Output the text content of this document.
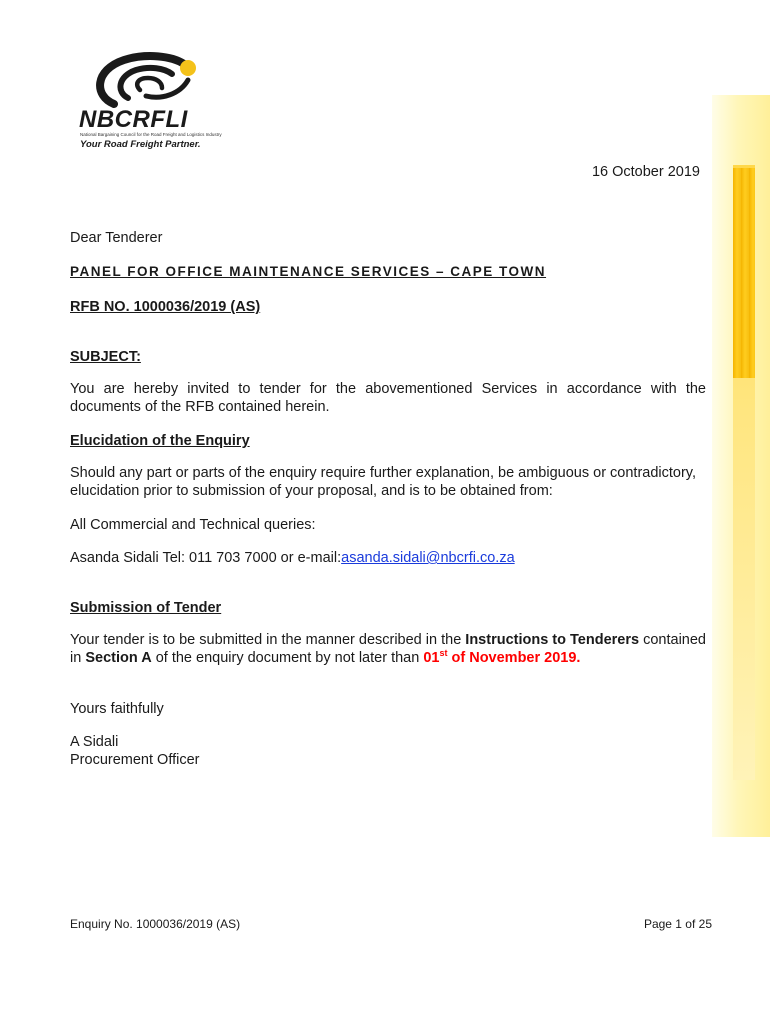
NBCRFLI
National Bargaining Council for the Road Freight and Logistics Industry
Your Road Freight Partner.
16 October 2019
Dear Tenderer
PANEL FOR OFFICE MAINTENANCE SERVICES – CAPE TOWN
RFB NO. 1000036/2019 (AS)
SUBJECT:
You are hereby invited to tender for the abovementioned Services in accordance with the documents of the RFB contained herein.
Elucidation of the Enquiry
Should any part or parts of the enquiry require further explanation, be ambiguous or contradictory, elucidation prior to submission of your proposal, and is to be obtained from:
All Commercial and Technical queries:
Asanda Sidali Tel: 011 703 7000 or e-mail:asanda.sidali@nbcrfi.co.za
Submission of Tender
Your tender is to be submitted in the manner described in the Instructions to Tenderers contained in Section A of the enquiry document by not later than 01st of November 2019.
Yours faithfully
A Sidali
Procurement Officer
Enquiry No. 1000036/2019 (AS)	Page 1 of 25
